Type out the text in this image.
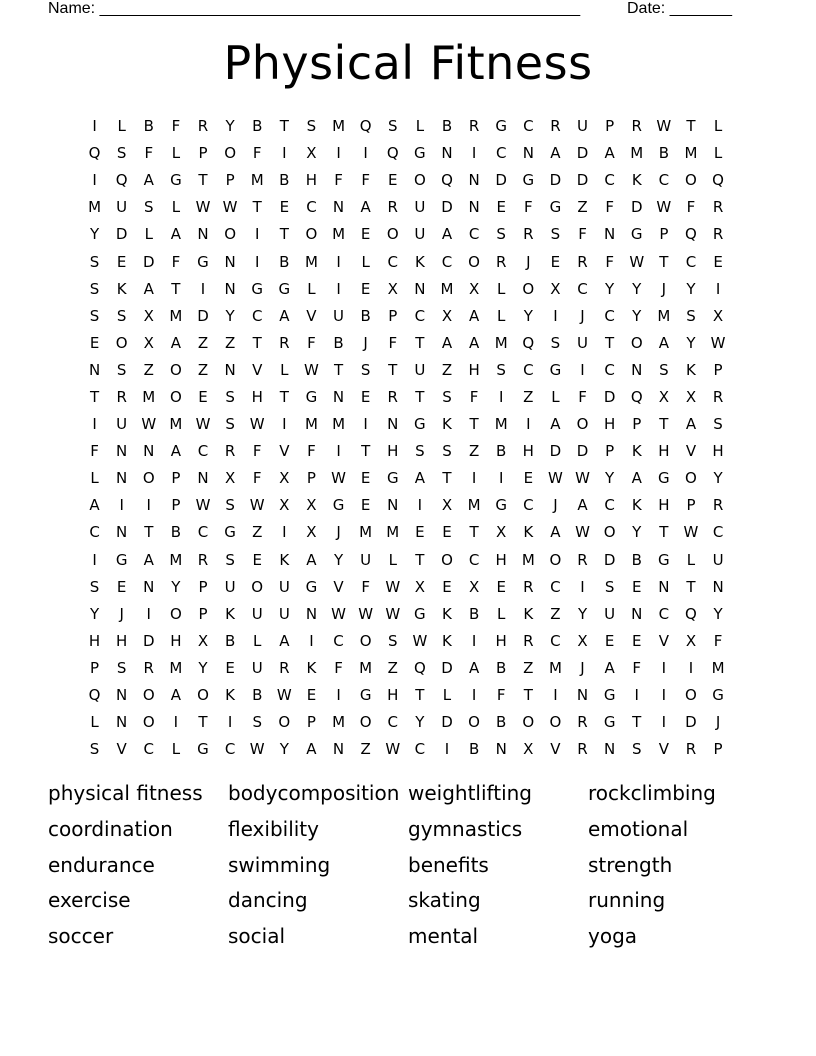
Name: ______________________________________________________	Date: _______
Physical Fitness
I	L	B	F	R	Y	B	T	S	M Q	S	L	B	R	G	C	R	U	P	R W	T	L
Q	S	F	L	P	O	F	I	X	I	I	Q	G	N	I	C	N	A	D	A	M	B	M	L
I	Q	A	G	T	P	M	B	H	F	F	E	O	Q	N	D	G	D	D	C	K	C	O	Q
M	U	S	L	W W	T	E	C	N	A	R	U	D	N	E	F	G	Z	F	D W	F	R
Y	D	L	A	N	O	I	T	O M	E	O	U	A	C	S	R	S	F	N	G	P	Q	R
S	E	D	F	G	N	I	B	M	I	L	C	K	C	O	R	J	E	R	F	W	T	C	E
S	K	A	T	I	N	G	G	L	I	E	X	N	M	X	L	O	X	C	Y	Y	J	Y	I
S	S	X	M D	Y	C	A	V	U	B	P	C	X	A	L	Y	I	J	C	Y	M	S	X
E	O	X	A	Z	Z	T	R	F	B	J	F	T	A	A	M Q	S	U	T	O	A	Y	W
N	S	Z	O	Z	N	V	L	W	T	S	T	U	Z	H	S	C	G	I	C	N	S	K	P
T	R	M O	E	S	H	T	G	N	E	R	T	S	F	I	Z	L	F	D	Q	X	X	R
I	U W M W S W	I	M M	I	N	G	K	T	M	I	A	O	H	P	T	A	S
F	N	N	A	C	R	F	V	F	I	T	H	S	S	Z	B	H	D	D	P	K	H	V	H
L	N	O	P	N	X	F	X	P	W E	G	A	T	I	I	E W W	Y	A	G	O	Y
A	I	I	P	W S W X	X	G	E	N	I	X	M G	C	J	A	C	K	H	P	R
C	N	T	B	C	G	Z	I	X	J	M M	E	E	T	X	K	A W O	Y	T	W C
I	G	A	M	R	S	E	K	A	Y	U	L	T	O	C	H	M O	R	D	B	G	L	U
S	E	N	Y	P	U	O	U	G	V	F	W X	E	X	E	R	C	I	S	E	N	T	N
Y	J	I	O	P	K	U	U	N W W W G	K	B	L	K	Z	Y	U	N	C	Q	Y
H	H	D	H	X	B	L	A	I	C	O	S W K	I	H	R	C	X	E	E	V	X	F
P	S	R	M	Y	E	U	R	K	F	M	Z	Q	D	A	B	Z	M	J	A	F	I	I	M
Q	N	O	A	O	K	B W E	I	G	H	T	L	I	F	T	I	N	G	I	I	O	G
L	N	O	I	T	I	S	O	P	M O	C	Y	D	O	B	O	O	R	G	T	I	D	J
S	V	C	L	G	C W	Y	A	N	Z W C	I	B	N	X	V	R	N	S	V	R	P
physical fitness	bodycomposition weightlifting	rockclimbing
coordination	flexibility	gymnastics	emotional
endurance	swimming	benefits	strength
exercise	dancing	skating	running
soccer	social	mental	yoga
